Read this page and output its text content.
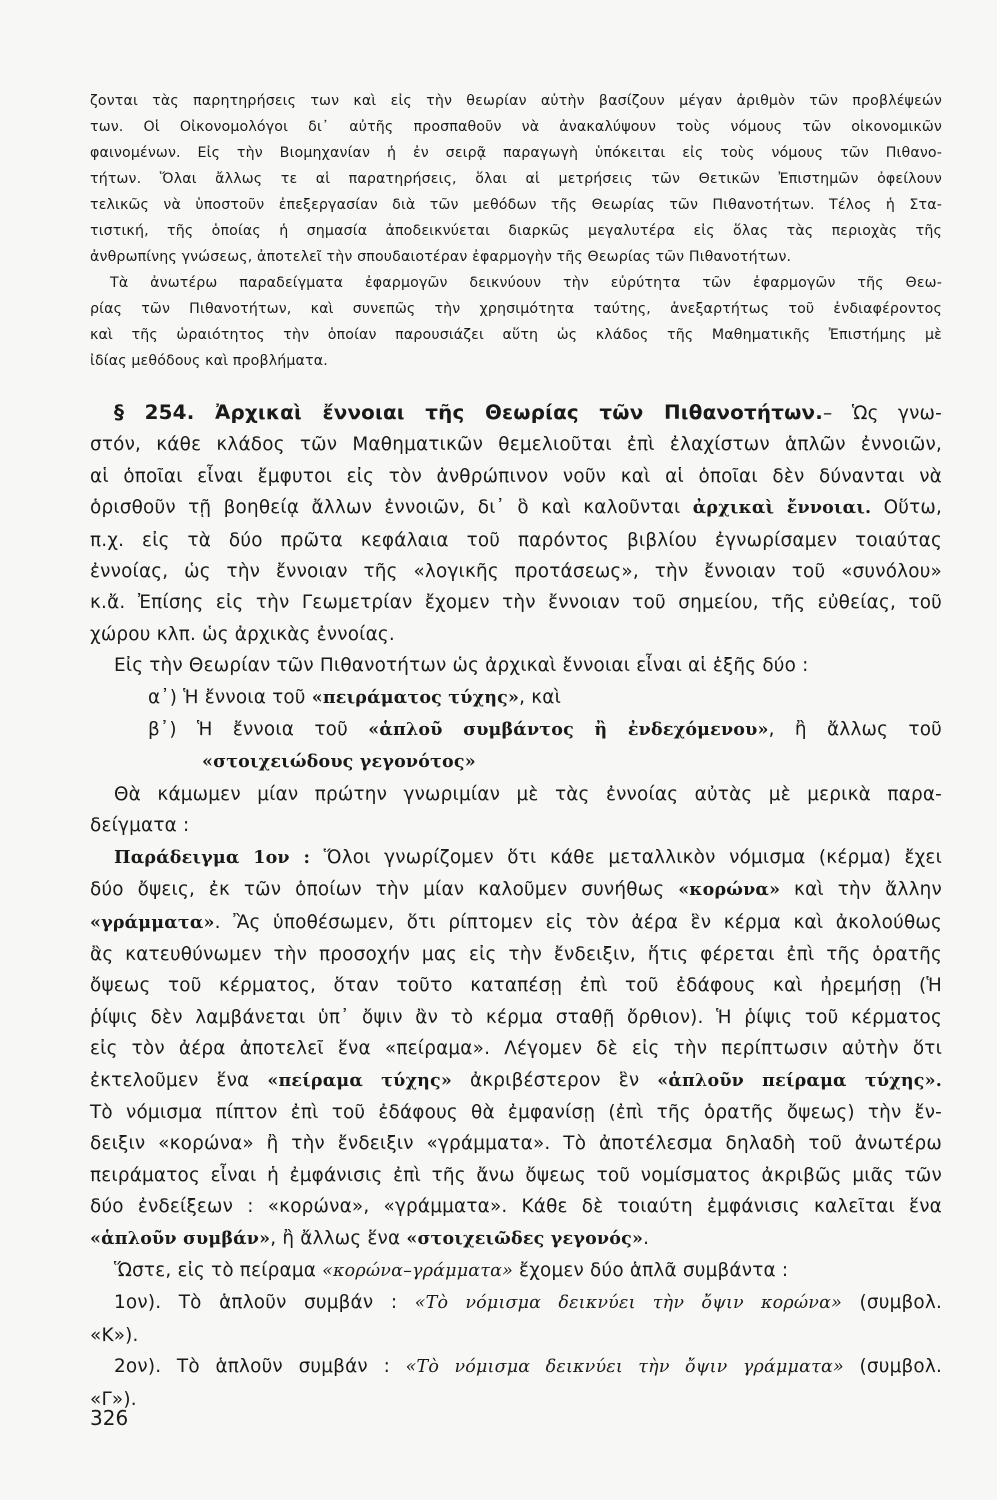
ζονται τὰς παρητηρήσεις των καὶ εἰς τὴν θεωρίαν αὐτὴν βασίζουν μέγαν ἀριθμὸν τῶν προβλέψεών
των. Οἱ Οἰκονομολόγοι δι᾽ αὐτῆς προσπαθοῦν νὰ ἀνακαλύψουν τοὺς νόμους τῶν οἰκονομικῶν
φαινομένων. Εἰς τὴν Βιομηχανίαν ἡ ἐν σειρᾷ παραγωγὴ ὑπόκειται εἰς τοὺς νόμους τῶν Πιθανο-
τήτων. Ὅλαι ἄλλως τε αἱ παρατηρήσεις, ὅλαι αἱ μετρήσεις τῶν Θετικῶν Ἐπιστημῶν ὀφείλουν
τελικῶς νὰ ὑποστοῦν ἐπεξεργασίαν διὰ τῶν μεθόδων τῆς Θεωρίας τῶν Πιθανοτήτων. Τέλος ἡ Στα-
τιστική, τῆς ὁποίας ἡ σημασία ἀποδεικνύεται διαρκῶς μεγαλυτέρα εἰς ὅλας τὰς περιοχὰς τῆς
ἀνθρωπίνης γνώσεως, ἀποτελεῖ τὴν σπουδαιοτέραν ἐφαρμογὴν τῆς Θεωρίας τῶν Πιθανοτήτων.
Τὰ ἀνωτέρω παραδείγματα ἐφαρμογῶν δεικνύουν τὴν εὐρύτητα τῶν ἐφαρμογῶν τῆς Θεω-
ρίας τῶν Πιθανοτήτων, καὶ συνεπῶς τὴν χρησιμότητα ταύτης, ἀνεξαρτήτως τοῦ ἐνδιαφέροντος
καὶ τῆς ὡραιότητος τὴν ὁποίαν παρουσιάζει αὕτη ὡς κλάδος τῆς Μαθηματικῆς Ἐπιστήμης μὲ
ἰδίας μεθόδους καὶ προβλήματα.
§ 254. Ἀρχικαὶ ἔννοιαι τῆς Θεωρίας τῶν Πιθανοτήτων.– Ὡς γνω-
στόν, κάθε κλάδος τῶν Μαθηματικῶν θεμελιοῦται ἐπὶ ἐλαχίστων ἁπλῶν ἐννοιῶν,
αἱ ὁποῖαι εἶναι ἔμφυτοι εἰς τὸν ἀνθρώπινον νοῦν καὶ αἱ ὁποῖαι δὲν δύνανται νὰ
ὁρισθοῦν τῇ βοηθείᾳ ἄλλων ἐννοιῶν, δι᾽ ὃ καὶ καλοῦνται ἀρχικαὶ ἔννοιαι. Οὕτω,
π.χ. εἰς τὰ δύο πρῶτα κεφάλαια τοῦ παρόντος βιβλίου ἐγνωρίσαμεν τοιαύτας
ἐννοίας, ὡς τὴν ἔννοιαν τῆς «λογικῆς προτάσεως», τὴν ἔννοιαν τοῦ «συνόλου»
κ.ἄ. Ἐπίσης εἰς τὴν Γεωμετρίαν ἔχομεν τὴν ἔννοιαν τοῦ σημείου, τῆς εὐθείας, τοῦ
χώρου κλπ. ὡς ἀρχικὰς ἐννοίας.
Εἰς τὴν Θεωρίαν τῶν Πιθανοτήτων ὡς ἀρχικαὶ ἔννοιαι εἶναι αἱ ἑξῆς δύο :
α᾽) Ἡ ἔννοια τοῦ «πειράματος τύχης», καὶ
β᾽) Ἡ ἔννοια τοῦ «ἁπλοῦ συμβάντος ἢ ἐνδεχόμενου», ἢ ἄλλως τοῦ
«στοιχειώδους γεγονότος»
Θὰ κάμωμεν μίαν πρώτην γνωριμίαν μὲ τὰς ἐννοίας αὐτὰς μὲ μερικὰ παρα-
δείγματα :
Παράδειγμα 1ον : Ὅλοι γνωρίζομεν ὅτι κάθε μεταλλικὸν νόμισμα (κέρμα) ἔχει
δύο ὄψεις, ἐκ τῶν ὁποίων τὴν μίαν καλοῦμεν συνήθως «κορώνα» καὶ τὴν ἄλλην
«γράμματα». Ἂς ὑποθέσωμεν, ὅτι ρίπτομεν εἰς τὸν ἀέρα ἓν κέρμα καὶ ἀκολούθως
ἂς κατευθύνωμεν τὴν προσοχήν μας εἰς τὴν ἔνδειξιν, ἥτις φέρεται ἐπὶ τῆς ὁρατῆς
ὄψεως τοῦ κέρματος, ὅταν τοῦτο καταπέσῃ ἐπὶ τοῦ ἐδάφους καὶ ἠρεμήσῃ (Ἡ
ῥίψις δὲν λαμβάνεται ὑπ᾽ ὄψιν ἂν τὸ κέρμα σταθῇ ὄρθιον). Ἡ ῥίψις τοῦ κέρματος
εἰς τὸν ἀέρα ἀποτελεῖ ἕνα «πείραμα». Λέγομεν δὲ εἰς τὴν περίπτωσιν αὐτὴν ὅτι
ἐκτελοῦμεν ἕνα «πείραμα τύχης» ἀκριβέστερον ἓν «ἁπλοῦν πείραμα τύχης».
Τὸ νόμισμα πίπτον ἐπὶ τοῦ ἐδάφους θὰ ἐμφανίσῃ (ἐπὶ τῆς ὁρατῆς ὄψεως) τὴν ἔν-
δειξιν «κορώνα» ἢ τὴν ἔνδειξιν «γράμματα». Τὸ ἀποτέλεσμα δηλαδὴ τοῦ ἀνωτέρω
πειράματος εἶναι ἡ ἐμφάνισις ἐπὶ τῆς ἄνω ὄψεως τοῦ νομίσματος ἀκριβῶς μιᾶς τῶν
δύο ἐνδείξεων : «κορώνα», «γράμματα». Κάθε δὲ τοιαύτη ἐμφάνισις καλεῖται ἕνα
«ἁπλοῦν συμβάν», ἢ ἄλλως ἕνα «στοιχειῶδες γεγονός».
Ὥστε, εἰς τὸ πείραμα «κορώνα–γράμματα» ἔχομεν δύο ἁπλᾶ συμβάντα :
1ον). Τὸ ἁπλοῦν συμβάν : «Τὸ νόμισμα δεικνύει τὴν ὄψιν κορώνα» (συμβολ.
«Κ»).
2ον). Τὸ ἁπλοῦν συμβάν : «Τὸ νόμισμα δεικνύει τὴν ὄψιν γράμματα» (συμβολ.
«Γ»).
326
